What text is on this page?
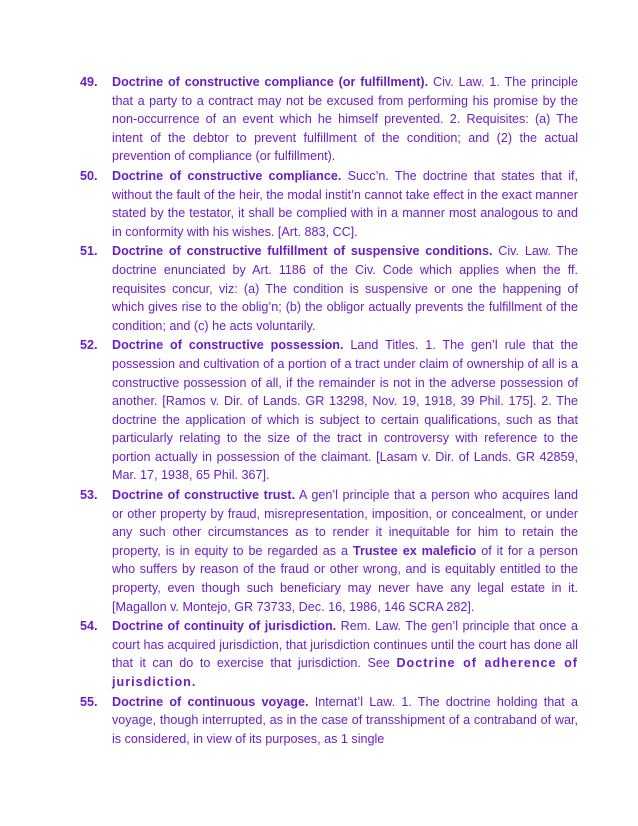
49.	Doctrine of constructive compliance (or fulfillment). Civ. Law. 1. The principle that a party to a contract may not be excused from performing his promise by the non-occurrence of an event which he himself prevented. 2. Requisites: (a) The intent of the debtor to prevent fulfillment of the condition; and (2) the actual prevention of compliance (or fulfillment).
50.	Doctrine of constructive compliance. Succ’n. The doctrine that states that if, without the fault of the heir, the modal instit’n cannot take effect in the exact manner stated by the testator, it shall be complied with in a manner most analogous to and in conformity with his wishes. [Art. 883, CC].
51.	Doctrine of constructive fulfillment of suspensive conditions. Civ. Law. The doctrine enunciated by Art. 1186 of the Civ. Code which applies when the ff. requisites concur, viz: (a) The condition is suspensive or one the happening of which gives rise to the oblig’n; (b) the obligor actually prevents the fulfillment of the condition; and (c) he acts voluntarily.
52.	Doctrine of constructive possession. Land Titles. 1. The gen’l rule that the possession and cultivation of a portion of a tract under claim of ownership of all is a constructive possession of all, if the remainder is not in the adverse possession of another. [Ramos v. Dir. of Lands. GR 13298, Nov. 19, 1918, 39 Phil. 175]. 2. The doctrine the application of which is subject to certain qualifications, such as that particularly relating to the size of the tract in controversy with reference to the portion actually in possession of the claimant. [Lasam v. Dir. of Lands. GR 42859, Mar. 17, 1938, 65 Phil. 367].
53.	Doctrine of constructive trust. A gen’l principle that a person who acquires land or other property by fraud, misrepresentation, imposition, or concealment, or under any such other circumstances as to render it inequitable for him to retain the property, is in equity to be regarded as a Trustee ex maleficio of it for a person who suffers by reason of the fraud or other wrong, and is equitably entitled to the property, even though such beneficiary may never have any legal estate in it. [Magallon v. Montejo, GR 73733, Dec. 16, 1986, 146 SCRA 282].
54.	Doctrine of continuity of jurisdiction. Rem. Law. The gen’l principle that once a court has acquired jurisdiction, that jurisdiction continues until the court has done all that it can do to exercise that jurisdiction. See Doctrine of adherence of jurisdiction.
55.	Doctrine of continuous voyage. Internat’l Law. 1. The doctrine holding that a voyage, though interrupted, as in the case of transshipment of a contraband of war, is considered, in view of its purposes, as 1 single
